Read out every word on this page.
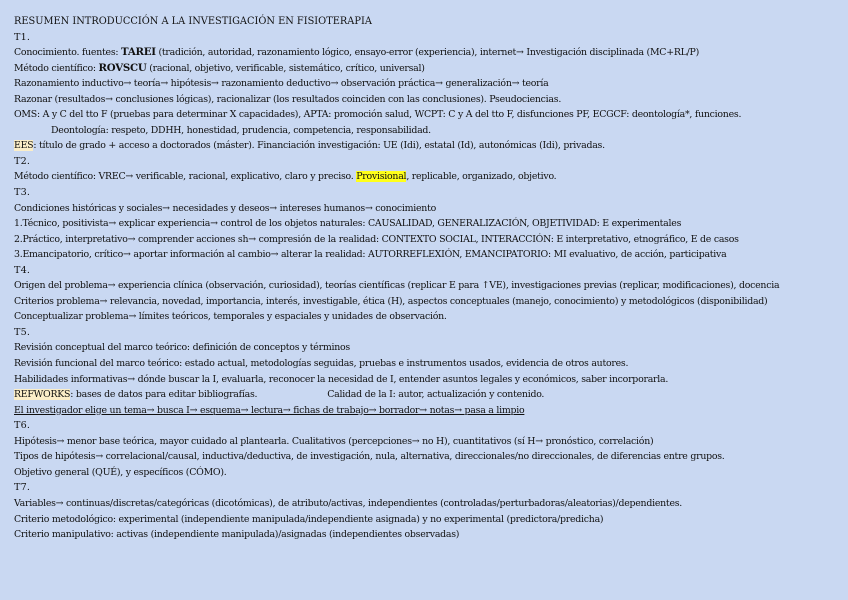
RESUMEN INTRODUCCIÓN A LA INVESTIGACIÓN EN FISIOTERAPIA
T1.
Conocimiento. fuentes: TAREI (tradición, autoridad, razonamiento lógico, ensayo-error (experiencia), internet→ Investigación disciplinada (MC+RL/P)
Método científico: ROVSCU (racional, objetivo, verificable, sistemático, crítico, universal)
Razonamiento inductivo→ teoría→ hipótesis→ razonamiento deductivo→ observación práctica→ generalización→ teoría
Razonar (resultados→ conclusiones lógicas), racionalizar (los resultados coinciden con las conclusiones). Pseudociencias.
OMS: A y C del tto F (pruebas para determinar X capacidades), APTA: promoción salud, WCPT: C y A del tto F, disfunciones PF, ECGCF: deontología*, funciones.
Deontología: respeto, DDHH, honestidad, prudencia, competencia, responsabilidad.
EES: título de grado + acceso a doctorados (máster). Financiación investigación: UE (Idi), estatal (Id), autonómicas (Idi), privadas.
T2.
Método científico: VREC→ verificable, racional, explicativo, claro y preciso. Provisional, replicable, organizado, objetivo.
T3.
Condiciones históricas y sociales→ necesidades y deseos→ intereses humanos→ conocimiento
1.Técnico, positivista→ explicar experiencia→ control de los objetos naturales: CAUSALIDAD, GENERALIZACIÓN, OBJETIVIDAD: E experimentales
2.Práctico, interpretativo→ comprender acciones sh→ compresión de la realidad: CONTEXTO SOCIAL, INTERACCIÓN: E interpretativo, etnográfico, E de casos
3.Emancipatorio, crítico→ aportar información al cambio→ alterar la realidad: AUTORREFLEXIÓN, EMANCIPATORIO: MI evaluativo, de acción, participativa
T4.
Origen del problema→ experiencia clínica (observación, curiosidad), teorías científicas (replicar E para ↑VE), investigaciones previas (replicar, modificaciones), docencia
Criterios problema→ relevancia, novedad, importancia, interés, investigable, ética (H), aspectos conceptuales (manejo, conocimiento) y metodológicos (disponibilidad)
Conceptualizar problema→ límites teóricos, temporales y espaciales y unidades de observación.
T5.
Revisión conceptual del marco teórico: definición de conceptos y términos
Revisión funcional del marco teórico: estado actual, metodologías seguidas, pruebas e instrumentos usados, evidencia de otros autores.
Habilidades informativas→ dónde buscar la I, evaluarla, reconocer la necesidad de I, entender asuntos legales y económicos, saber incorporarla.
REFWORKS: bases de datos para editar bibliografías.	Calidad de la I: autor, actualización y contenido.
El investigador elige un tema→ busca I→ esquema→ lectura→ fichas de trabajo→ borrador→ notas→ pasa a limpio
T6.
Hipótesis→ menor base teórica, mayor cuidado al plantearla. Cualitativos (percepciones→ no H), cuantitativos (sí H→ pronóstico, correlación)
Tipos de hipótesis→ correlacional/causal, inductiva/deductiva, de investigación, nula, alternativa, direccionales/no direccionales, de diferencias entre grupos.
Objetivo general (QUÉ), y específicos (CÓMO).
T7.
Variables→ continuas/discretas/categóricas (dicotómicas), de atributo/activas, independientes (controladas/perturbadoras/aleatorias)/dependientes.
Criterio metodológico: experimental (independiente manipulada/independiente asignada) y no experimental (predictora/predicha)
Criterio manipulativo: activas (independiente manipulada)/asignadas (independientes observadas)
